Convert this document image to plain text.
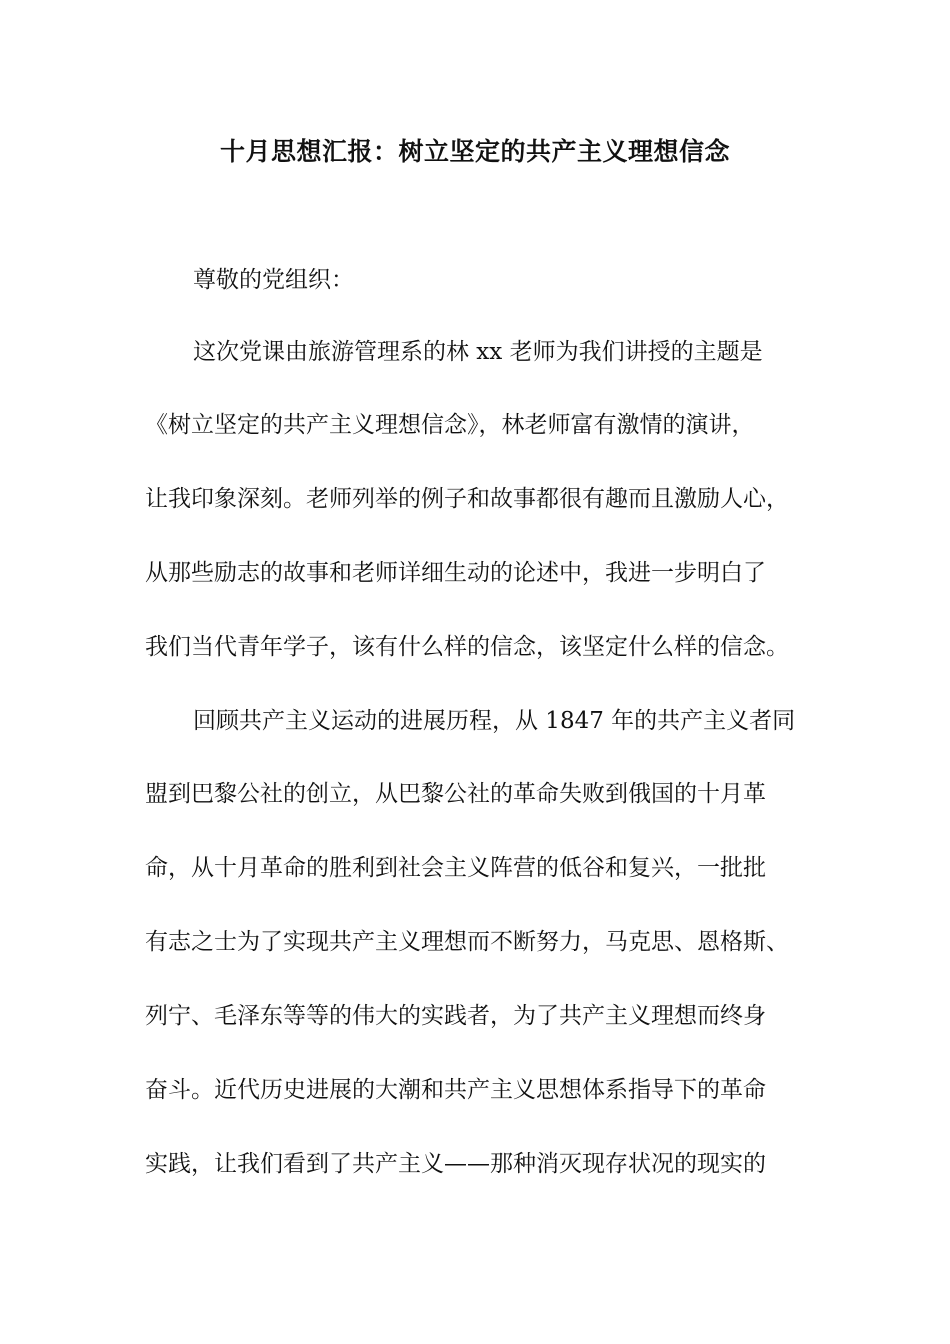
十月思想汇报：树立坚定的共产主义理想信念

尊敬的党组织：

这次党课由旅游管理系的林 xx 老师为我们讲授的主题是

《树立坚定的共产主义理想信念》，林老师富有激情的演讲，

让我印象深刻。老师列举的例子和故事都很有趣而且激励人心，

从那些励志的故事和老师详细生动的论述中，我进一步明白了

我们当代青年学子，该有什么样的信念，该坚定什么样的信念。

回顾共产主义运动的进展历程，从 1847 年的共产主义者同

盟到巴黎公社的创立，从巴黎公社的革命失败到俄国的十月革

命，从十月革命的胜利到社会主义阵营的低谷和复兴，一批批

有志之士为了实现共产主义理想而不断努力，马克思、恩格斯、

列宁、毛泽东等等的伟大的实践者，为了共产主义理想而终身

奋斗。近代历史进展的大潮和共产主义思想体系指导下的革命

实践，让我们看到了共产主义——那种消灭现存状况的现实的
